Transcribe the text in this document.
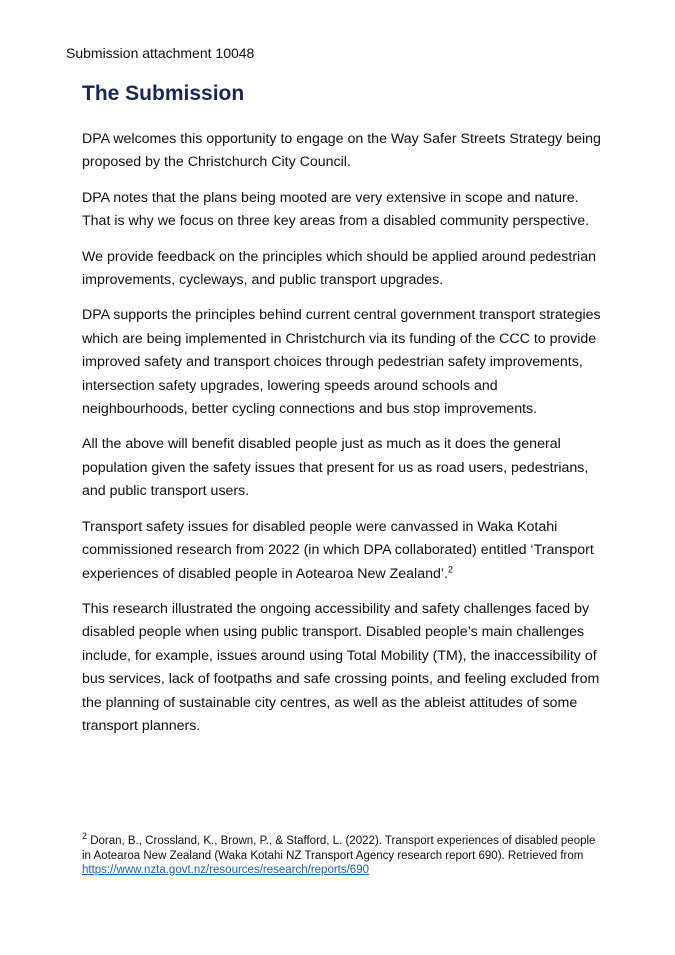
Submission attachment 10048
The Submission

DPA welcomes this opportunity to engage on the Way Safer Streets Strategy being proposed by the Christchurch City Council.

DPA notes that the plans being mooted are very extensive in scope and nature. That is why we focus on three key areas from a disabled community perspective.

We provide feedback on the principles which should be applied around pedestrian improvements, cycleways, and public transport upgrades.

DPA supports the principles behind current central government transport strategies which are being implemented in Christchurch via its funding of the CCC to provide improved safety and transport choices through pedestrian safety improvements, intersection safety upgrades, lowering speeds around schools and neighbourhoods, better cycling connections and bus stop improvements.

All the above will benefit disabled people just as much as it does the general population given the safety issues that present for us as road users, pedestrians, and public transport users.

Transport safety issues for disabled people were canvassed in Waka Kotahi commissioned research from 2022 (in which DPA collaborated) entitled ‘Transport experiences of disabled people in Aotearoa New Zealand’.$^2$

This research illustrated the ongoing accessibility and safety challenges faced by disabled people when using public transport. Disabled people’s main challenges include, for example, issues around using Total Mobility (TM), the inaccessibility of bus services, lack of footpaths and safe crossing points, and feeling excluded from the planning of sustainable city centres, as well as the ableist attitudes of some transport planners.

$^2$ Doran, B., Crossland, K., Brown, P., & Stafford, L. (2022). Transport experiences of disabled people in Aotearoa New Zealand (Waka Kotahi NZ Transport Agency research report 690). Retrieved from https://www.nzta.govt.nz/resources/research/reports/690
